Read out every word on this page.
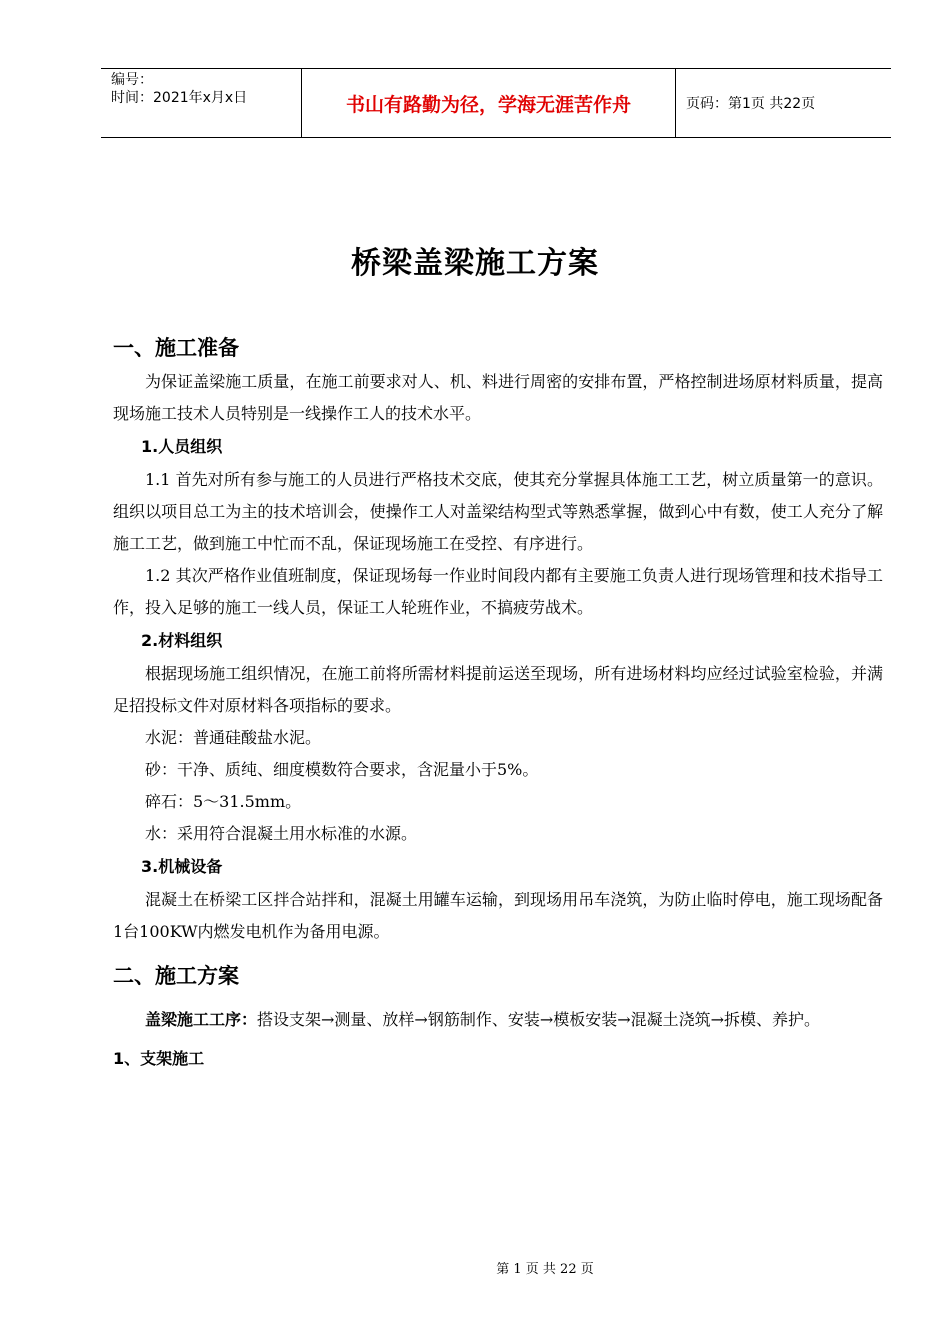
编号：
时间：2021年x月x日	书山有路勤为径，学海无涯苦作舟	页码：第1页 共22页
桥梁盖梁施工方案
一、施工准备

为保证盖梁施工质量，在施工前要求对人、机、料进行周密的安排布置，严格控制进场原材料质量，提高现场施工技术人员特别是一线操作工人的技术水平。

1.人员组织

1.1 首先对所有参与施工的人员进行严格技术交底，使其充分掌握具体施工工艺，树立质量第一的意识。组织以项目总工为主的技术培训会，使操作工人对盖梁结构型式等熟悉掌握，做到心中有数，使工人充分了解施工工艺，做到施工中忙而不乱，保证现场施工在受控、有序进行。

1.2 其次严格作业值班制度，保证现场每一作业时间段内都有主要施工负责人进行现场管理和技术指导工作，投入足够的施工一线人员，保证工人轮班作业，不搞疲劳战术。

2.材料组织

根据现场施工组织情况，在施工前将所需材料提前运送至现场，所有进场材料均应经过试验室检验，并满足招投标文件对原材料各项指标的要求。

水泥：普通硅酸盐水泥。

砂：干净、质纯、细度模数符合要求，含泥量小于5%。

碎石：5～31.5mm。

水：采用符合混凝土用水标准的水源。

3.机械设备

混凝土在桥梁工区拌合站拌和，混凝土用罐车运输，到现场用吊车浇筑，为防止临时停电，施工现场配备1台100KW内燃发电机作为备用电源。

二、施工方案

盖梁施工工序：搭设支架→测量、放样→钢筋制作、安装→模板安装→混凝土浇筑→拆模、养护。

1、支架施工
第 1 页 共 22 页
